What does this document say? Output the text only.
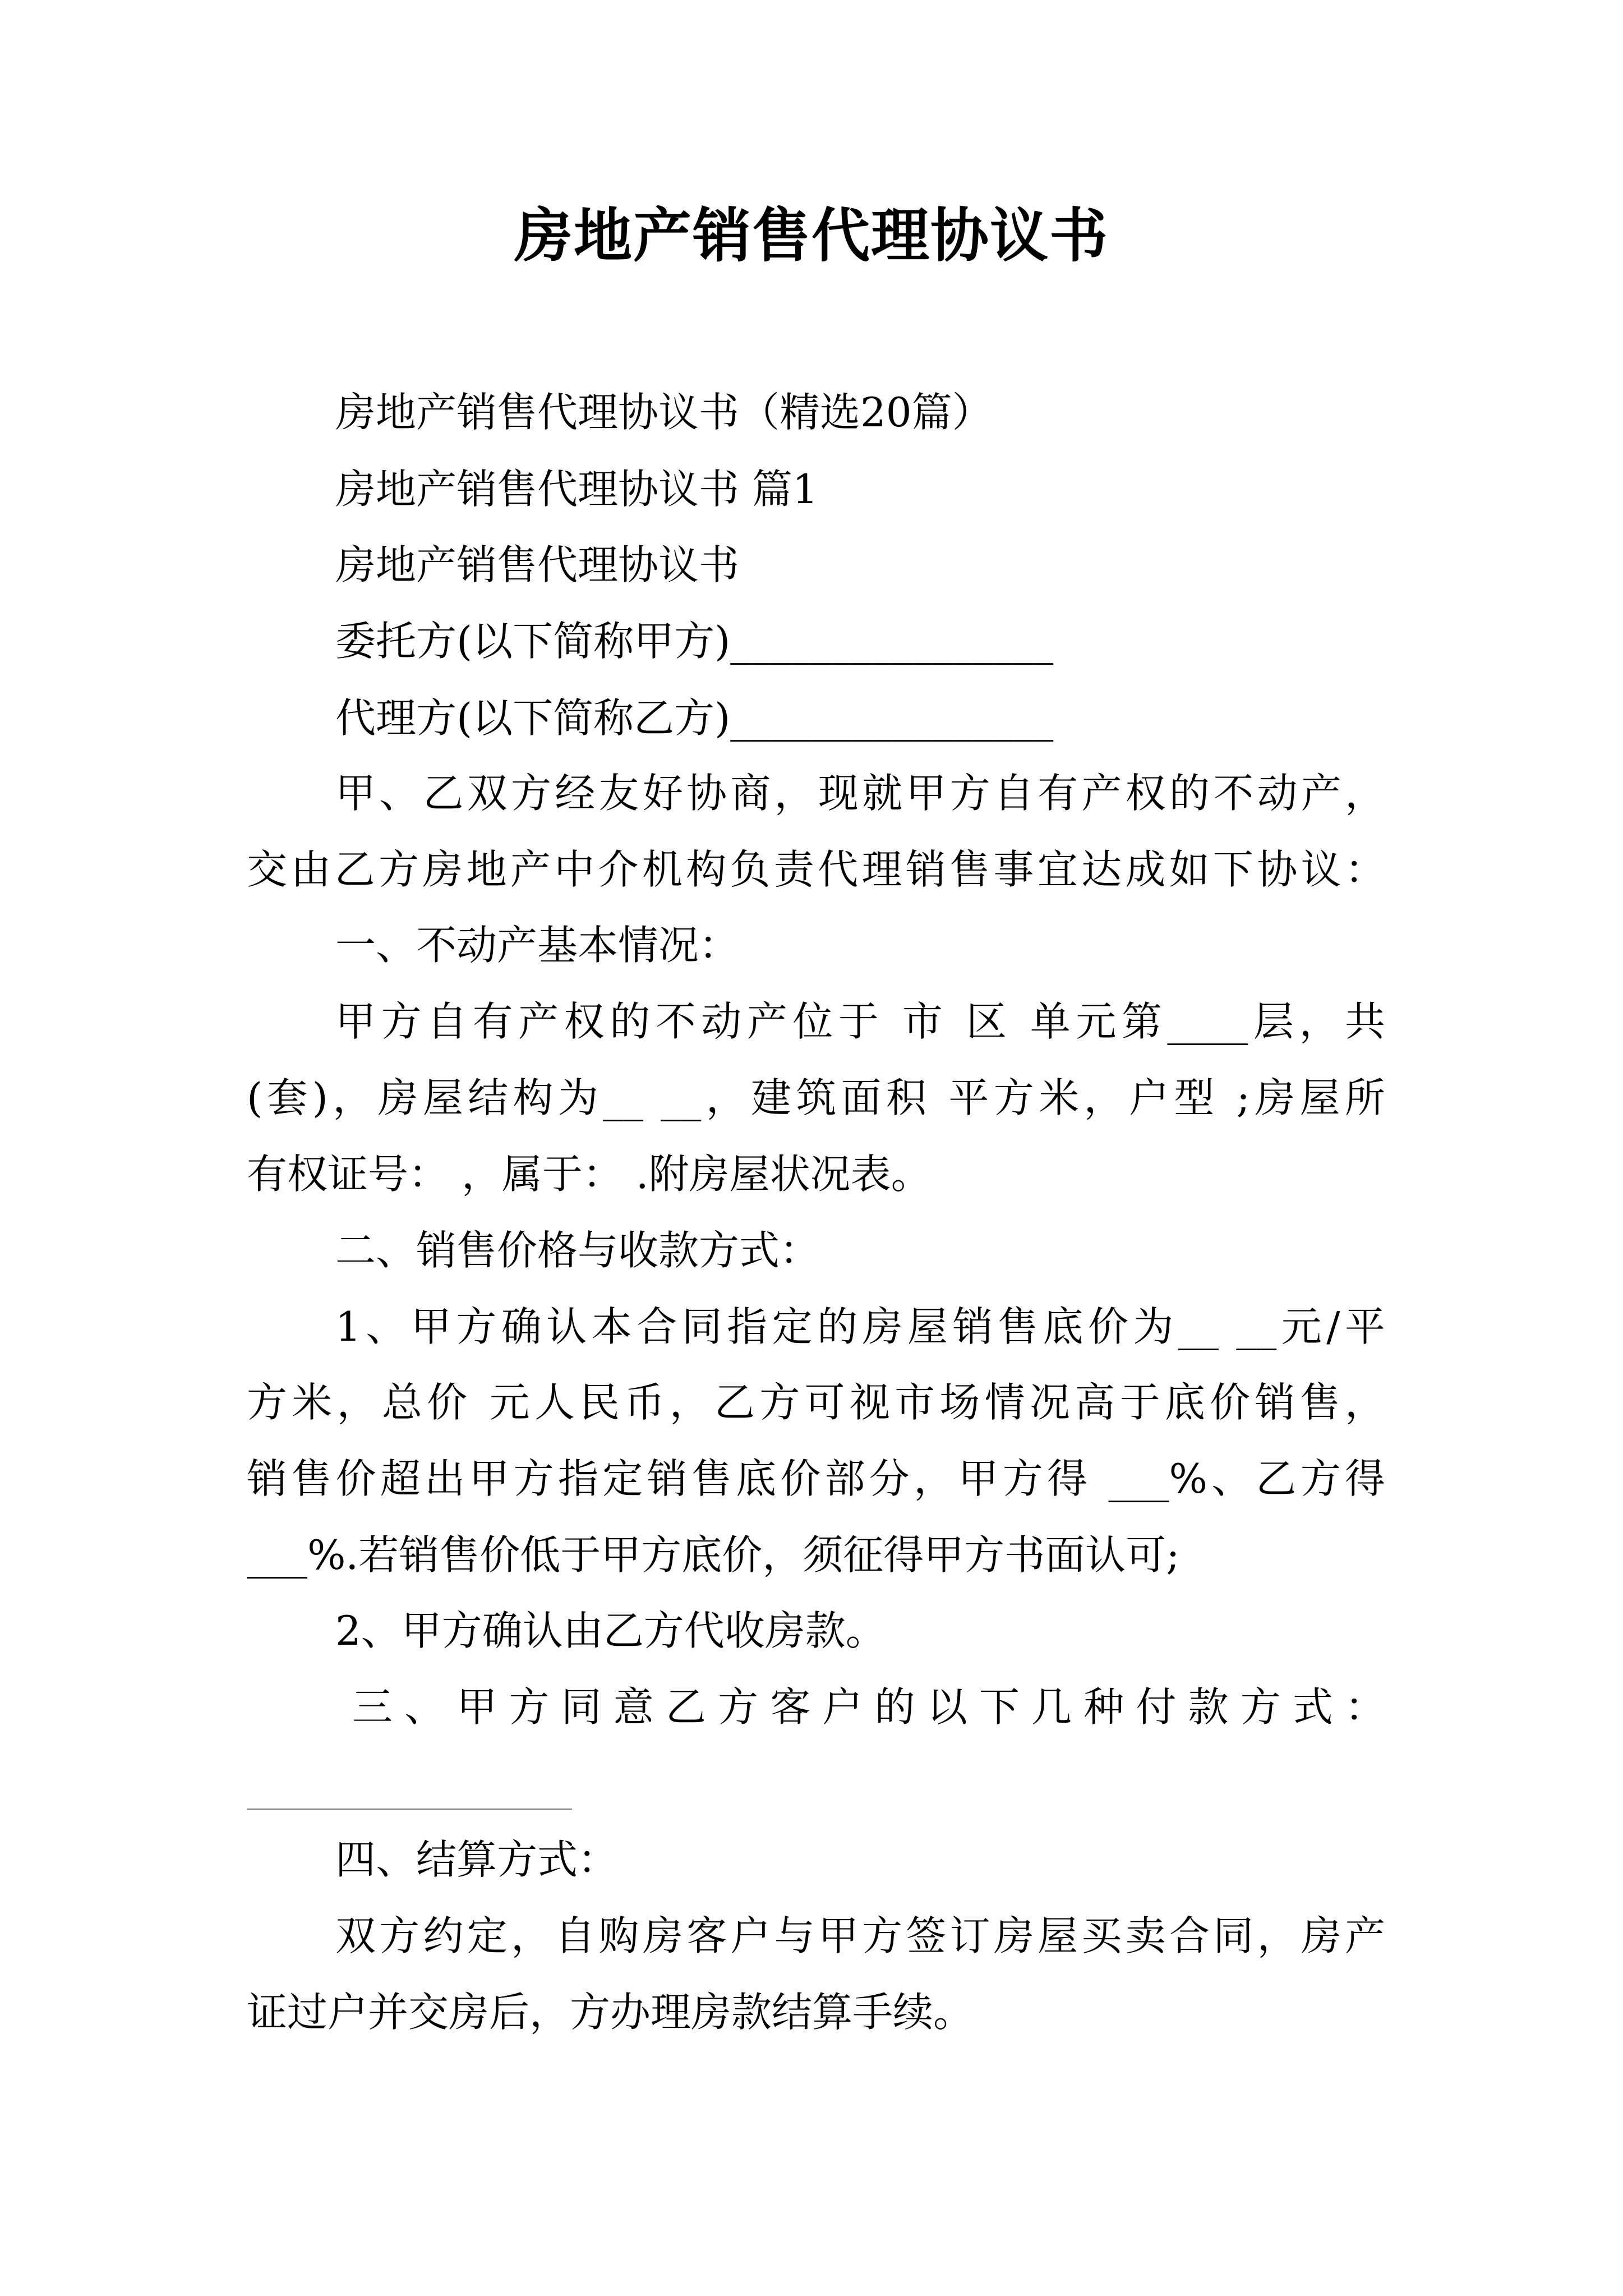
房地产销售代理协议书
房地产销售代理协议书（精选20篇）
房地产销售代理协议书 篇1
房地产销售代理协议书
委托方(以下简称甲方)________________
代理方(以下简称乙方)________________
甲、乙双方经友好协商，现就甲方自有产权的不动产，
交由乙方房地产中介机构负责代理销售事宜达成如下协议：
一、不动产基本情况：
甲方自有产权的不动产位于 市 区 单元第____层，共
(套)，房屋结构为__ __，建筑面积 平方米，户型 ;房屋所
有权证号： ，属于： .附房屋状况表。
二、销售价格与收款方式：
1、甲方确认本合同指定的房屋销售底价为__ __元/平
方米，总价 元人民币，乙方可视市场情况高于底价销售，
销售价超出甲方指定销售底价部分，甲方得 ___%、乙方得
___%.若销售价低于甲方底价，须征得甲方书面认可;
2、甲方确认由乙方代收房款。
三、甲方同意乙方客户的以下几种付款方式：
四、结算方式：
双方约定，自购房客户与甲方签订房屋买卖合同，房产
证过户并交房后，方办理房款结算手续。
